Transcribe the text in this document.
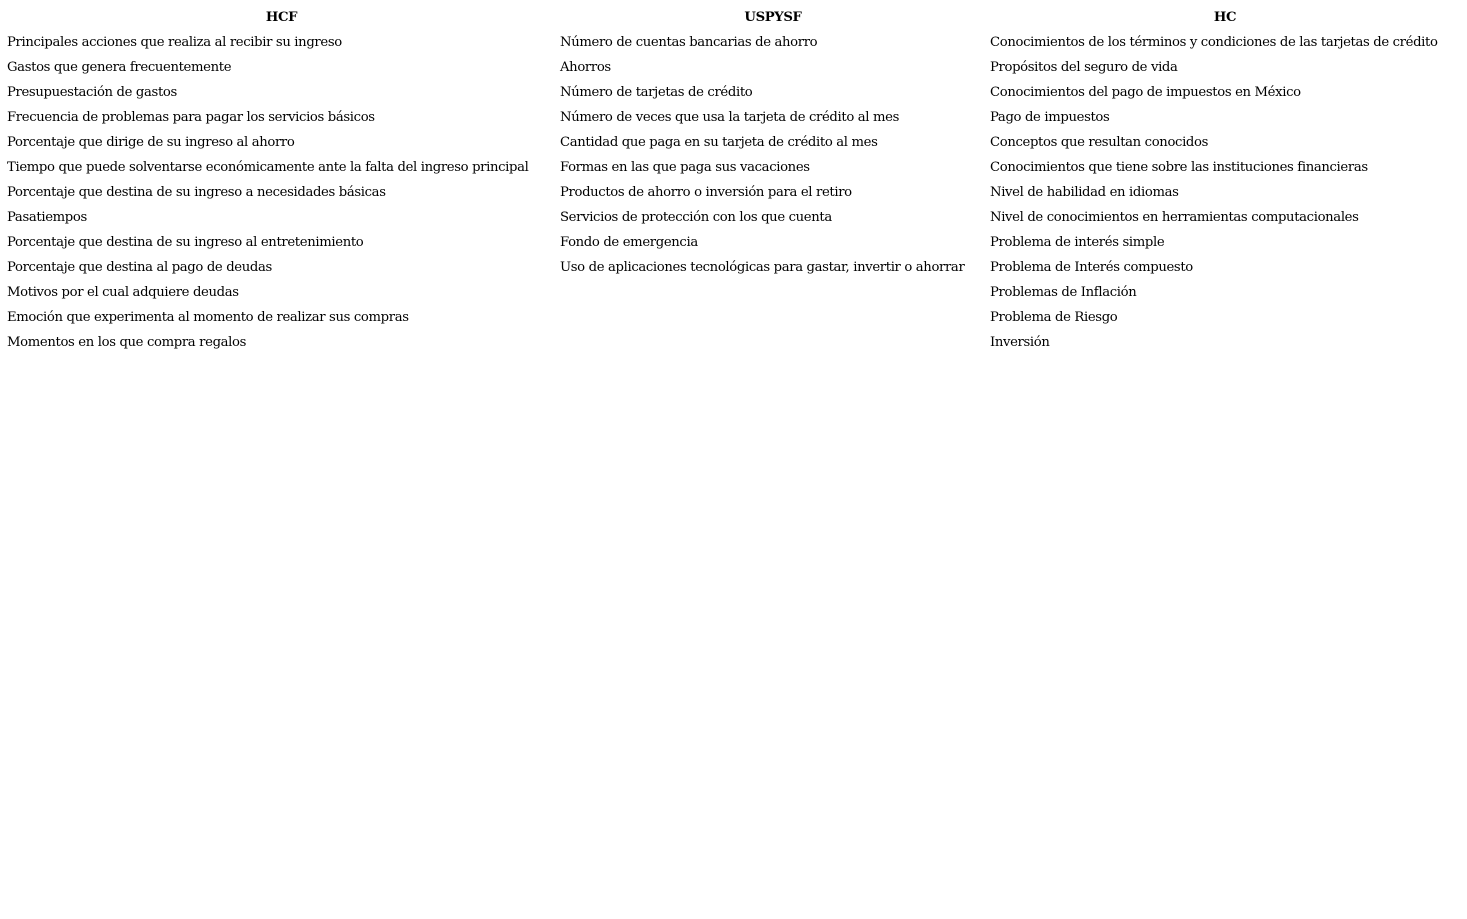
HCF	USPYSF	HC
Principales acciones que realiza al recibir su ingreso	Número de cuentas bancarias de ahorro	Conocimientos de los términos y condiciones de las tarjetas de crédito
Gastos que genera frecuentemente	Ahorros	Propósitos del seguro de vida
Presupuestación de gastos	Número de tarjetas de crédito	Conocimientos del pago de impuestos en México
Frecuencia de problemas para pagar los servicios básicos	Número de veces que usa la tarjeta de crédito al mes	Pago de impuestos
Porcentaje que dirige de su ingreso al ahorro	Cantidad que paga en su tarjeta de crédito al mes	Conceptos que resultan conocidos
Tiempo que puede solventarse económicamente ante la falta del ingreso principal	Formas en las que paga sus vacaciones	Conocimientos que tiene sobre las instituciones financieras
Porcentaje que destina de su ingreso a necesidades básicas	Productos de ahorro o inversión para el retiro	Nivel de habilidad en idiomas
Pasatiempos	Servicios de protección con los que cuenta	Nivel de conocimientos en herramientas computacionales
Porcentaje que destina de su ingreso al entretenimiento	Fondo de emergencia	Problema de interés simple
Porcentaje que destina al pago de deudas	Uso de aplicaciones tecnológicas para gastar, invertir o ahorrar	Problema de Interés compuesto
Motivos por el cual adquiere deudas		Problemas de Inflación
Emoción que experimenta al momento de realizar sus compras		Problema de Riesgo
Momentos en los que compra regalos		Inversión
